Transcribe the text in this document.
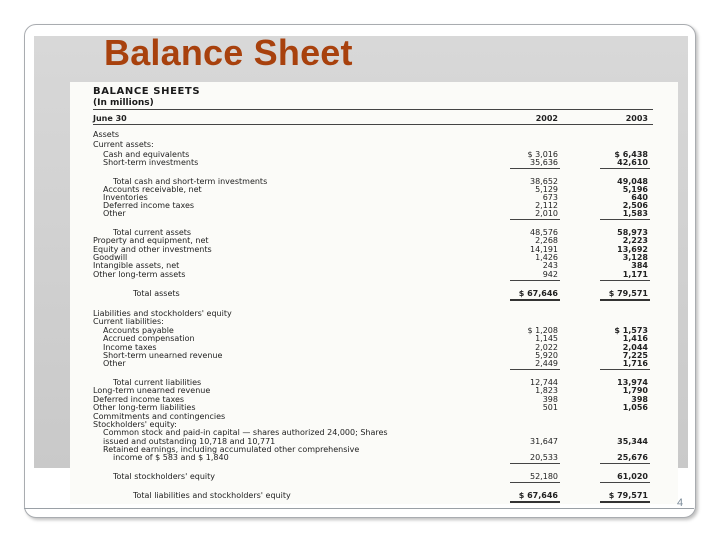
Balance Sheet
BALANCE SHEETS
(In millions)
June 30	2002	2003
Assets
Current assets:
Cash and equivalents	$ 3,016	$ 6,438
Short-term investments	35,636	42,610
Total cash and short-term investments	38,652	49,048
Accounts receivable, net	5,129	5,196
Inventories	673	640
Deferred income taxes	2,112	2,506
Other	2,010	1,583
Total current assets	48,576	58,973
Property and equipment, net	2,268	2,223
Equity and other investments	14,191	13,692
Goodwill	1,426	3,128
Intangible assets, net	243	384
Other long-term assets	942	1,171
Total assets	$ 67,646	$ 79,571
Liabilities and stockholders' equity
Current liabilities:
Accounts payable	$ 1,208	$ 1,573
Accrued compensation	1,145	1,416
Income taxes	2,022	2,044
Short-term unearned revenue	5,920	7,225
Other	2,449	1,716
Total current liabilities	12,744	13,974
Long-term unearned revenue	1,823	1,790
Deferred income taxes	398	398
Other long-term liabilities	501	1,056
Commitments and contingencies
Stockholders' equity:
Common stock and paid-in capital — shares authorized 24,000; Shares
issued and outstanding 10,718 and 10,771	31,647	35,344
Retained earnings, including accumulated other comprehensive
income of $ 583 and $ 1,840	20,533	25,676
Total stockholders' equity	52,180	61,020
Total liabilities and stockholders' equity	$ 67,646	$ 79,571
4
